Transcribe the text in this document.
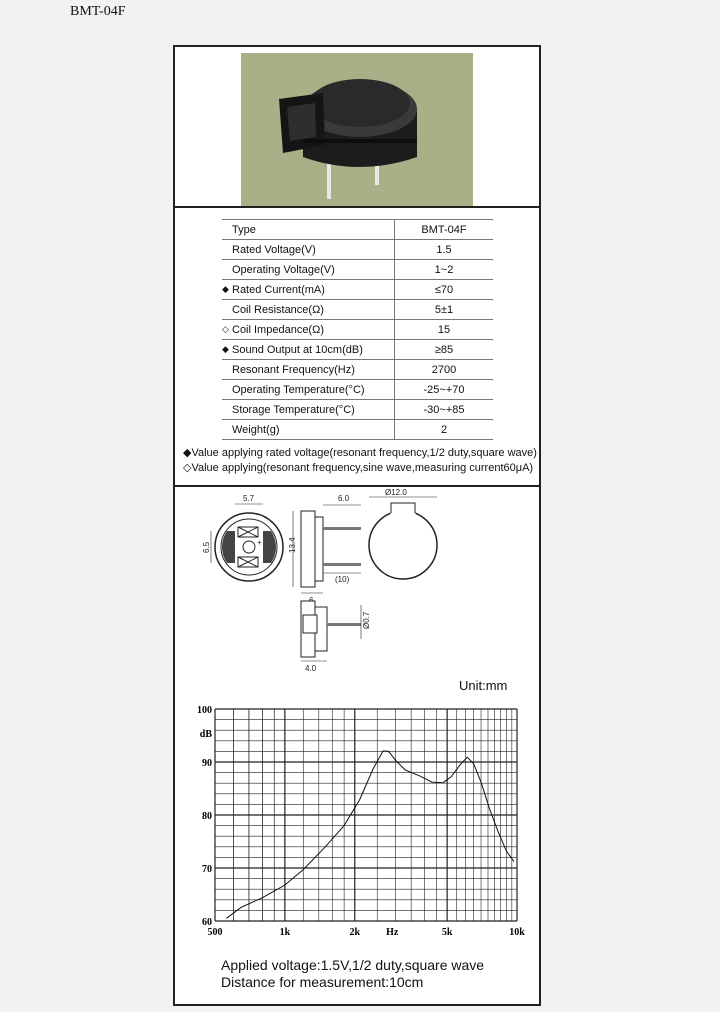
BMT-04F
Type	BMT-04F

Rated Voltage(V)	1.5

Operating Voltage(V)	1~2

◆ Rated Current(mA)	≤70

Coil Resistance(Ω)	5±1

◇ Coil Impedance(Ω)	15

◆ Sound Output at 10cm(dB)	≥85

Resonant Frequency(Hz)	2700

Operating Temperature(°C)	-25~+70

Storage Temperature(°C)	-30~+85

Weight(g)	2
◆Value applying rated voltage(resonant frequency,1/2 duty,square wave)
◇Value applying(resonant frequency,sine wave,measuring current60μA)
+
5.7
6.5
6.0
13.4
(10)
Ø12.0
Ø0.7
4.0
Unit:mm
100
dB
90
80
70
60
500	1k	2k	Hz	5k	10k
Applied voltage:1.5V,1/2 duty,square wave
Distance for measurement:10cm
